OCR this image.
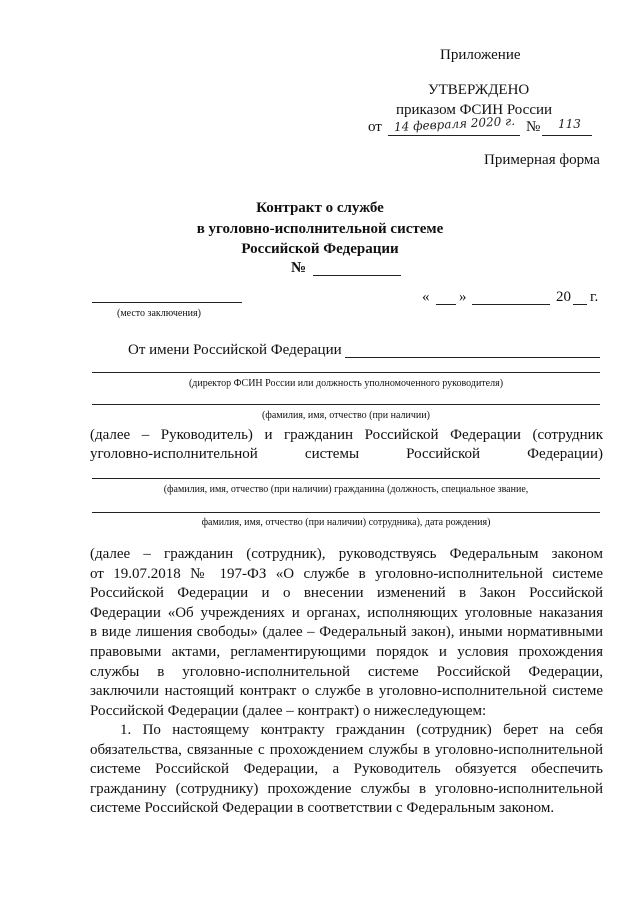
Приложение
УТВЕРЖДЕНО
приказом ФСИН России
от 14 февраля 2020 г. № 113
Примерная форма
Контракт о службе
в уголовно-исполнительной системе
Российской Федерации
№
(место заключения)
« »	20 г.
От имени Российской Федерации
(директор ФСИН России или должность уполномоченного руководителя)
(фамилия, имя, отчество (при наличии)
(далее – Руководитель) и гражданин Российской Федерации (сотрудник
уголовно-исполнительной	системы	Российской	Федерации)
(фамилия, имя, отчество (при наличии) гражданина (должность, специальное звание,
фамилия, имя, отчество (при наличии) сотрудника), дата рождения)
(далее – гражданин (сотрудник), руководствуясь Федеральным законом
от 19.07.2018 № 197-ФЗ «О службе в уголовно-исполнительной системе
Российской Федерации и о внесении изменений в Закон Российской
Федерации «Об учреждениях и органах, исполняющих уголовные наказания
в виде лишения свободы» (далее – Федеральный закон), иными нормативными
правовыми актами, регламентирующими порядок и условия прохождения
службы в уголовно-исполнительной системе Российской Федерации,
заключили настоящий контракт о службе в уголовно-исполнительной системе
Российской Федерации (далее – контракт) о нижеследующем:
1. По настоящему контракту гражданин (сотрудник) берет на себя
обязательства, связанные с прохождением службы в уголовно-исполнительной
системе Российской Федерации, а Руководитель обязуется обеспечить
гражданину (сотруднику) прохождение службы в уголовно-исполнительной
системе Российской Федерации в соответствии с Федеральным законом.
